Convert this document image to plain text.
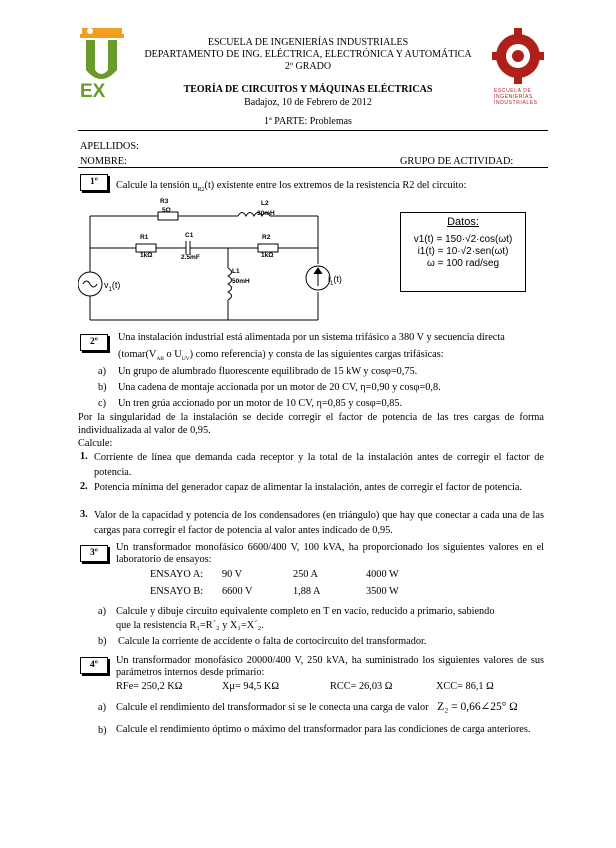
EX	ESCUELA DE
INGENIERÍAS
INDUSTRIALES
ESCUELA DE INGENIERÍAS INDUSTRIALES
DEPARTAMENTO DE ING. ELÉCTRICA, ELECTRÓNICA Y AUTOMÁTICA
2º GRADO
TEORÍA DE CIRCUITOS Y MÁQUINAS ELÉCTRICAS
Badajoz, 10 de Febrero de 2012
1ª PARTE: Problemas
APELLIDOS:
NOMBRE:	GRUPO DE ACTIVIDAD:
1º	Calcule la tensión $u_{R2}(t)$ existente entre los extremos de la resistencia R2 del circuito:
R3
5Ω
L2
30mH
R1
1kΩ
C1
2.5mF
R2
1kΩ
L1
50mH
$v_1(t)$
$i_1(t)$
Datos:
v1(t) = 150·√2·cos(ωt)
i1(t) = 10·√2·sen(ωt)
ω = 100 rad/seg
2º	Una instalación industrial está alimentada por un sistema trifásico a 380 V y secuencia directa
($tomar(V_{AB}$ o $U_{UV}$) como referencia) y consta de las siguientes cargas trifásicas:
a) Un grupo de alumbrado fluorescente equilibrado de 15 kW y cosφ=0,75.
b) Una cadena de montaje accionada por un motor de 20 CV, η=0,90 y cosφ=0,8.
c) Un tren grúa accionado por un motor de 10 CV, η=0,85 y cosφ=0,85.
Por la singularidad de la instalación se decide corregir el factor de potencia de las tres cargas de forma individualizada al valor de 0,95.
Calcule:
1. Corriente de línea que demanda cada receptor y la total de la instalación antes de corregir el factor de potencia.
2. Potencia mínima del generador capaz de alimentar la instalación, antes de corregir el factor de potencia.
3. Valor de la capacidad y potencia de los condensadores (en triángulo) que hay que conectar a cada una de las cargas para corregir el factor de potencia al valor antes indicado de 0,95.
3º	Un transformador monofásico 6600/400 V, 100 kVA, ha proporcionado los siguientes valores en el laboratorio de ensayos:
ENSAYO A: 90 V	250 A	4000 W
ENSAYO B: 6600 V	1,88 A	3500 W
a) Calcule y dibuje circuito equivalente completo en T en vacío, reducido a primario, sabiendo
que la resistencia R₁=R´₂ y X₁=X´₂.
b) Calcule la corriente de accidente o falta de cortocircuito del transformador.
4º	Un transformador monofásico 20000/400 V, 250 kVA, ha suministrado los siguientes valores de sus parámetros internos desde primario:
RFe= 250,2 KΩ	Xμ= 94,5 KΩ	RCC= 26,03 Ω	XCC= 86,1 Ω
a) Calcule el rendimiento del transformador si se le conecta una carga de valor Z₂ = 0,66∠25° Ω
b) Calcule el rendimiento óptimo o máximo del transformador para las condiciones de carga anteriores.
